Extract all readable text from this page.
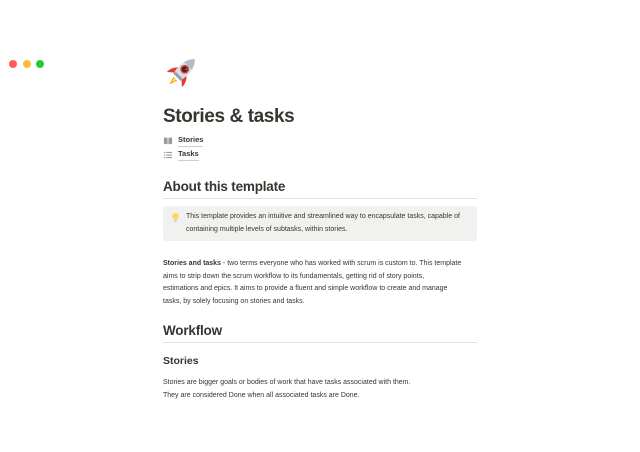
Stories & tasks
Stories
Tasks
About this template
This template provides an intuitive and streamlined way to encapsulate tasks, capable of
containing multiple levels of subtasks, within stories.
Stories and tasks - two terms everyone who has worked with scrum is custom to. This template
aims to strip down the scrum workflow to its fundamentals, getting rid of story points,
estimations and epics. It aims to provide a fluent and simple workflow to create and manage
tasks, by solely focusing on stories and tasks.
Workflow
Stories
Stories are bigger goals or bodies of work that have tasks associated with them.
They are considered Done when all associated tasks are Done.
